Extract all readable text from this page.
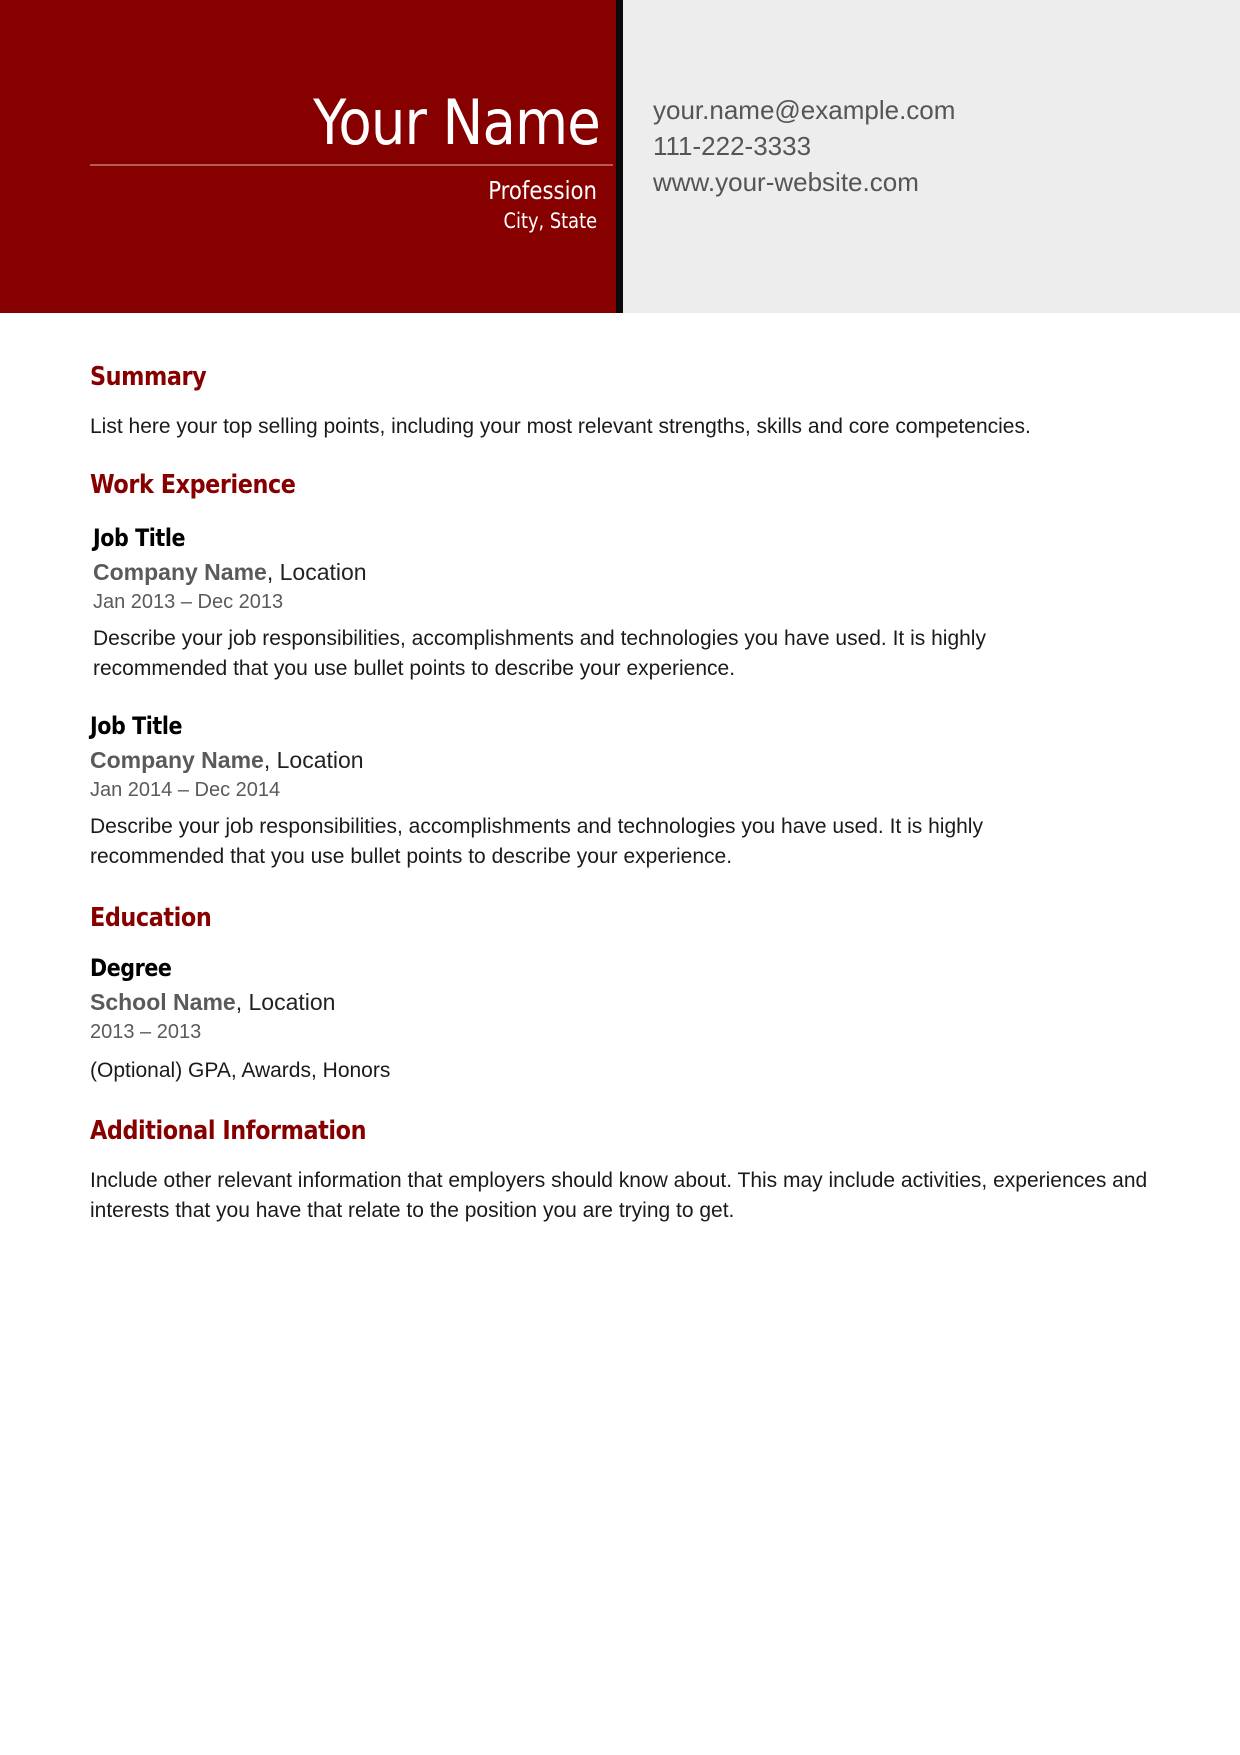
Your Name
Profession
City, State
your.name@example.com
111-222-3333
www.your-website.com
Summary

List here your top selling points, including your most relevant strengths, skills and core competencies.

Work Experience

Job Title

Company Name, Location

Jan 2013 – Dec 2013

Describe your job responsibilities, accomplishments and technologies you have used. It is highly recommended that you use bullet points to describe your experience.

Job Title

Company Name, Location

Jan 2014 – Dec 2014

Describe your job responsibilities, accomplishments and technologies you have used. It is highly recommended that you use bullet points to describe your experience.

Education

Degree

School Name, Location

2013 – 2013

(Optional) GPA, Awards, Honors

Additional Information

Include other relevant information that employers should know about. This may include activities, experiences and interests that you have that relate to the position you are trying to get.
